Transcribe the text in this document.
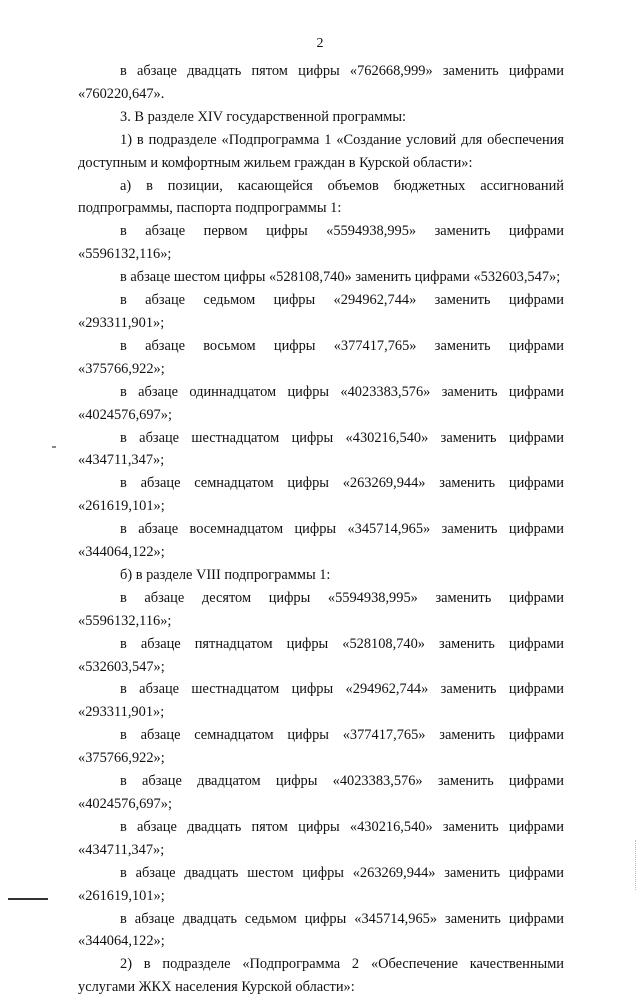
2

в абзаце двадцать пятом цифры «762668,999» заменить цифрами «760220,647».

3. В разделе XIV государственной программы:

1) в подразделе «Подпрограмма 1 «Создание условий для обеспечения доступным и комфортным жильем граждан в Курской области»:

а) в позиции, касающейся объемов бюджетных ассигнований подпрограммы, паспорта подпрограммы 1:

в абзаце первом цифры «5594938,995» заменить цифрами «5596132,116»;

в абзаце шестом цифры «528108,740» заменить цифрами «532603,547»;

в абзаце седьмом цифры «294962,744» заменить цифрами «293311,901»;

в абзаце восьмом цифры «377417,765» заменить цифрами «375766,922»;

в абзаце одиннадцатом цифры «4023383,576» заменить цифрами «4024576,697»;

в абзаце шестнадцатом цифры «430216,540» заменить цифрами «434711,347»;

в абзаце семнадцатом цифры «263269,944» заменить цифрами «261619,101»;

в абзаце восемнадцатом цифры «345714,965» заменить цифрами «344064,122»;

б) в разделе VIII подпрограммы 1:

в абзаце десятом цифры «5594938,995» заменить цифрами «5596132,116»;

в абзаце пятнадцатом цифры «528108,740» заменить цифрами «532603,547»;

в абзаце шестнадцатом цифры «294962,744» заменить цифрами «293311,901»;

в абзаце семнадцатом цифры «377417,765» заменить цифрами «375766,922»;

в абзаце двадцатом цифры «4023383,576» заменить цифрами «4024576,697»;

в абзаце двадцать пятом цифры «430216,540» заменить цифрами «434711,347»;

в абзаце двадцать шестом цифры «263269,944» заменить цифрами «261619,101»;

в абзаце двадцать седьмом цифры «345714,965» заменить цифрами «344064,122»;

2) в подразделе «Подпрограмма 2 «Обеспечение качественными услугами ЖКХ населения Курской области»:
